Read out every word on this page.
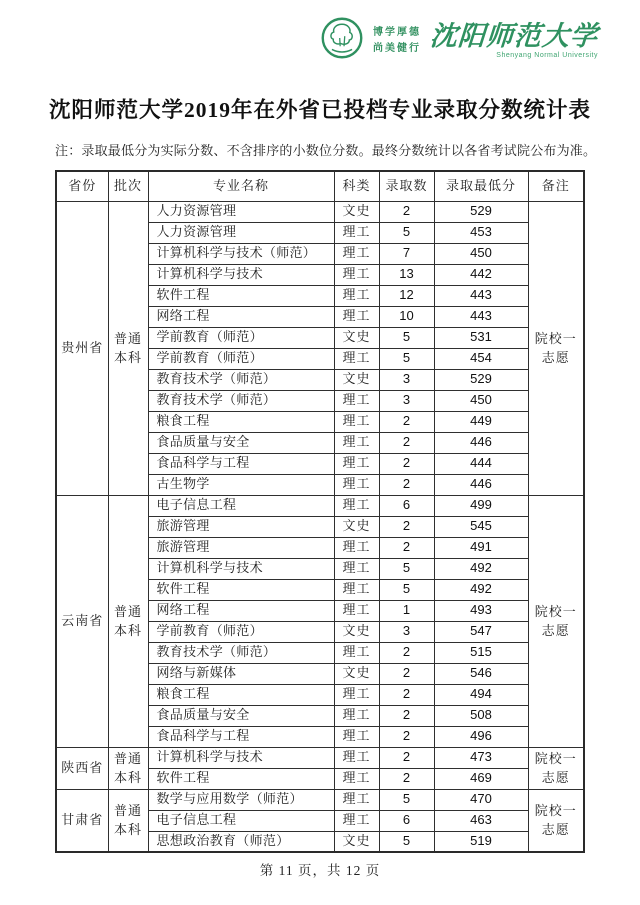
博学厚德
尚美健行 沈阳师范大学
Shenyang Normal University
沈阳师范大学2019年在外省已投档专业录取分数统计表
注：录取最低分为实际分数、不含排序的小数位分数。最终分数统计以各省考试院公布为准。
省份	批次	专业名称	科类	录取数	录取最低分	备注
贵州省	普通本科	人力资源管理	文史	2	529	院校一志愿
		人力资源管理	理工	5	453	
		计算机科学与技术（师范）	理工	7	450	
		计算机科学与技术	理工	13	442	
		软件工程	理工	12	443	
		网络工程	理工	10	443	
		学前教育（师范）	文史	5	531	
		学前教育（师范）	理工	5	454	
		教育技术学（师范）	文史	3	529	
		教育技术学（师范）	理工	3	450	
		粮食工程	理工	2	449	
		食品质量与安全	理工	2	446	
		食品科学与工程	理工	2	444	
		古生物学	理工	2	446	
云南省	普通本科	电子信息工程	理工	6	499	院校一志愿
		旅游管理	文史	2	545	
		旅游管理	理工	2	491	
		计算机科学与技术	理工	5	492	
		软件工程	理工	5	492	
		网络工程	理工	1	493	
		学前教育（师范）	文史	3	547	
		教育技术学（师范）	理工	2	515	
		网络与新媒体	文史	2	546	
		粮食工程	理工	2	494	
		食品质量与安全	理工	2	508	
		食品科学与工程	理工	2	496	
陕西省	普通本科	计算机科学与技术	理工	2	473	院校一志愿
		软件工程	理工	2	469	
甘肃省	普通本科	数学与应用数学（师范）	理工	5	470	院校一志愿
		电子信息工程	理工	6	463	
		思想政治教育（师范）	文史	5	519	
第 11 页，共 12 页
